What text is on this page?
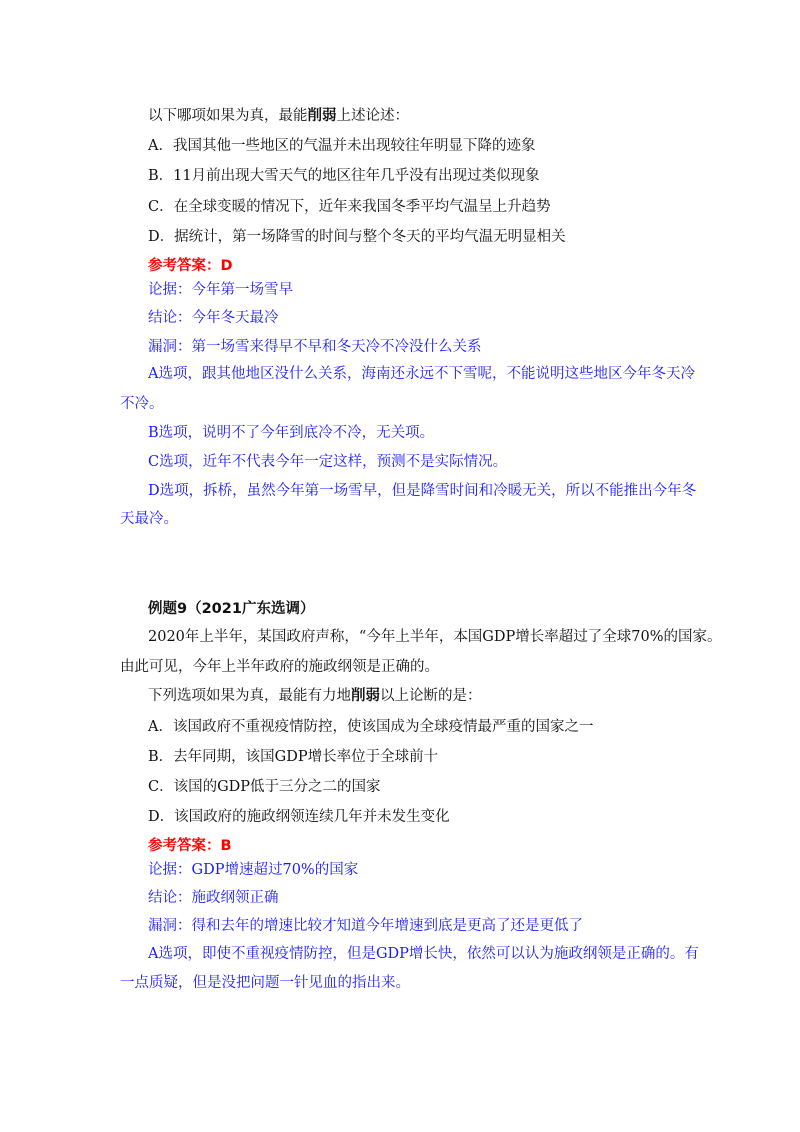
以下哪项如果为真，最能削弱上述论述：
A．我国其他一些地区的气温并未出现较往年明显下降的迹象
B．11月前出现大雪天气的地区往年几乎没有出现过类似现象
C．在全球变暖的情况下，近年来我国冬季平均气温呈上升趋势
D．据统计，第一场降雪的时间与整个冬天的平均气温无明显相关
参考答案：D
论据：今年第一场雪早
结论：今年冬天最冷
漏洞：第一场雪来得早不早和冬天冷不冷没什么关系
A选项，跟其他地区没什么关系，海南还永远不下雪呢，不能说明这些地区今年冬天冷
不冷。
B选项，说明不了今年到底冷不冷，无关项。
C选项，近年不代表今年一定这样，预测不是实际情况。
D选项，拆桥，虽然今年第一场雪早，但是降雪时间和冷暖无关，所以不能推出今年冬
天最冷。
例题9（2021广东选调）
2020年上半年，某国政府声称，“今年上半年，本国GDP增长率超过了全球70%的国家。
由此可见，今年上半年政府的施政纲领是正确的。
下列选项如果为真，最能有力地削弱以上论断的是：
A．该国政府不重视疫情防控，使该国成为全球疫情最严重的国家之一
B．去年同期，该国GDP增长率位于全球前十
C．该国的GDP低于三分之二的国家
D．该国政府的施政纲领连续几年并未发生变化
参考答案：B
论据：GDP增速超过70%的国家
结论：施政纲领正确
漏洞：得和去年的增速比较才知道今年增速到底是更高了还是更低了
A选项，即使不重视疫情防控，但是GDP增长快，依然可以认为施政纲领是正确的。有
一点质疑，但是没把问题一针见血的指出来。
